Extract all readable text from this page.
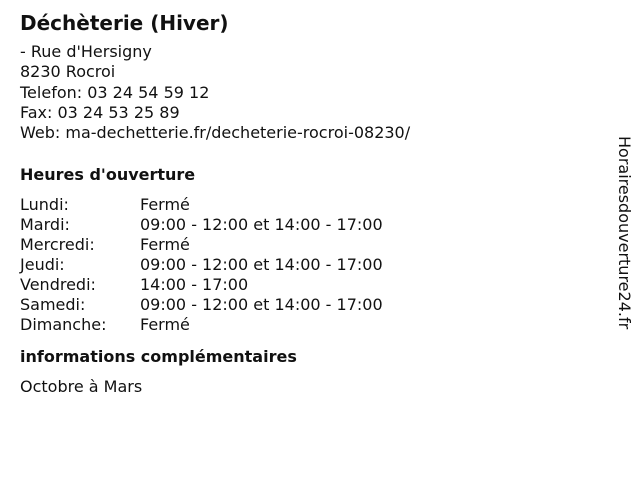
Déchèterie (Hiver)
- Rue d'Hersigny
8230 Rocroi
Telefon: 03 24 54 59 12
Fax: 03 24 53 25 89
Web: ma-dechetterie.fr/decheterie-rocroi-08230/
Heures d'ouverture
Lundi:	Fermé
Mardi:	09:00 - 12:00 et 14:00 - 17:00
Mercredi:	Fermé
Jeudi:	09:00 - 12:00 et 14:00 - 17:00
Vendredi:	14:00 - 17:00
Samedi:	09:00 - 12:00 et 14:00 - 17:00
Dimanche:	Fermé
informations complémentaires
Octobre à Mars
Horairesdouverture24.fr
